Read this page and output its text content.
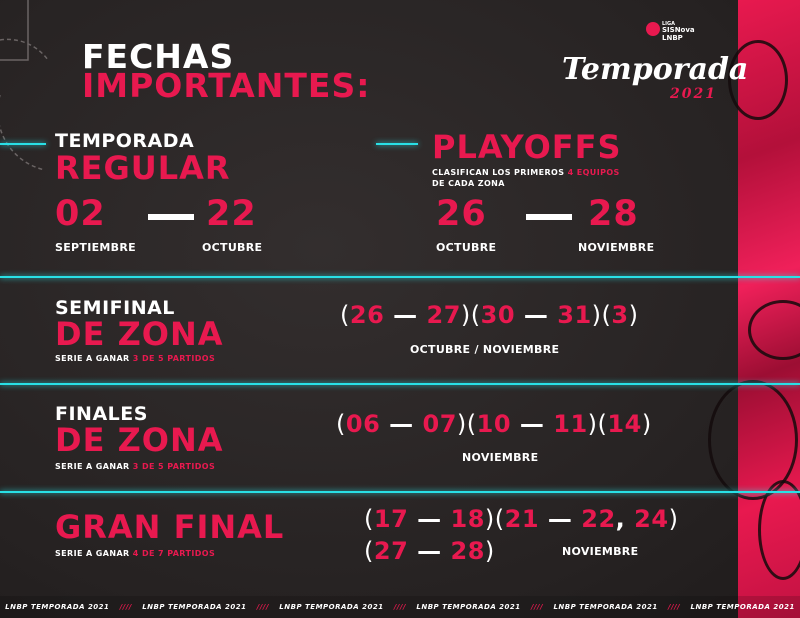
FECHAS
IMPORTANTES:
LIGA
SISNova
LNBP
Temporada
2021
TEMPORADA
REGULAR
02	22
SEPTIEMBRE	OCTUBRE
PLAYOFFS
CLASIFICAN LOS PRIMEROS 4 EQUIPOS
DE CADA ZONA
26	28
OCTUBRE	NOVIEMBRE
SEMIFINAL
DE ZONA
SERIE A GANAR 3 DE 5 PARTIDOS
(26 — 27)(30 — 31)(3)
OCTUBRE / NOVIEMBRE
FINALES
DE ZONA
SERIE A GANAR 3 DE 5 PARTIDOS
(06 — 07)(10 — 11)(14)
NOVIEMBRE
GRAN FINAL
SERIE A GANAR 4 DE 7 PARTIDOS
(17 — 18)(21 — 22, 24)
(27 — 28)	NOVIEMBRE
LNBP TEMPORADA 2021 //// LNBP TEMPORADA 2021 //// LNBP TEMPORADA 2021 //// LNBP TEMPORADA 2021 //// LNBP TEMPORADA 2021 //// LNBP TEMPORADA 2021
